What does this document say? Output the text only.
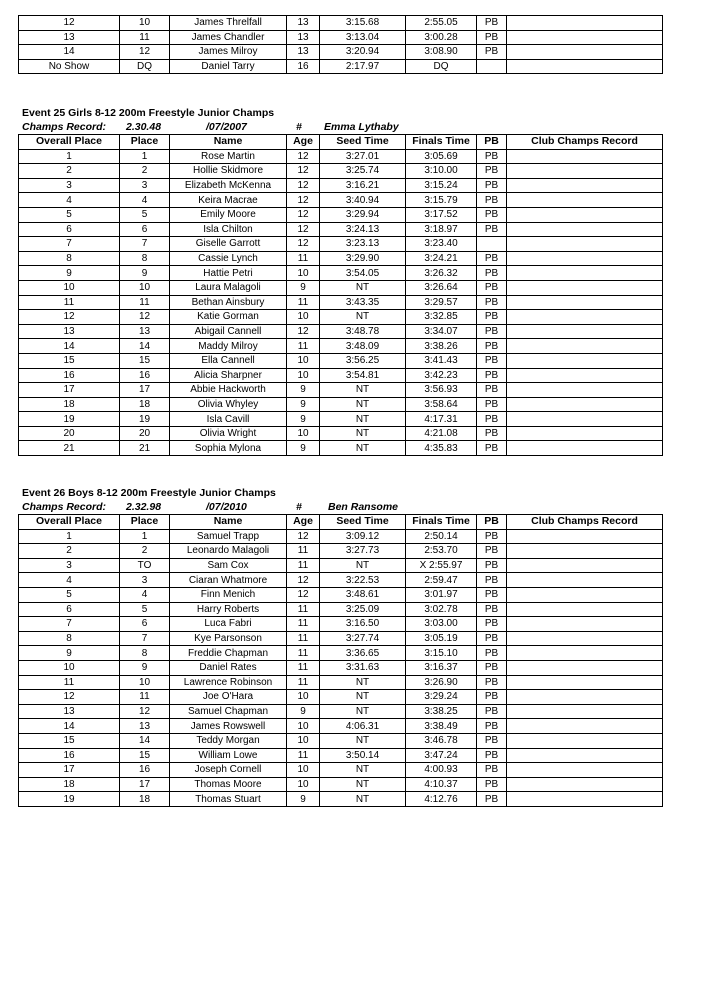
12	10	James Threlfall	13	3:15.68	2:55.05	PB	
13	11	James Chandler	13	3:13.04	3:00.28	PB	
14	12	James Milroy	13	3:20.94	3:08.90	PB	
No Show	DQ	Daniel Tarry	16	2:17.97	DQ		
Event 25 Girls 8-12 200m Freestyle Junior Champs
Champs Record: 2.30.48	/07/2007	# Emma Lythaby
Overall Place	Place	Name	Age	Seed Time	Finals Time	PB	Club Champs Record
1	1	Rose Martin	12	3:27.01	3:05.69	PB	
2	2	Hollie Skidmore	12	3:25.74	3:10.00	PB	
3	3	Elizabeth McKenna	12	3:16.21	3:15.24	PB	
4	4	Keira Macrae	12	3:40.94	3:15.79	PB	
5	5	Emily Moore	12	3:29.94	3:17.52	PB	
6	6	Isla Chilton	12	3:24.13	3:18.97	PB	
7	7	Giselle Garrott	12	3:23.13	3:23.40		
8	8	Cassie Lynch	11	3:29.90	3:24.21	PB	
9	9	Hattie Petri	10	3:54.05	3:26.32	PB	
10	10	Laura Malagoli	9	NT	3:26.64	PB	
11	11	Bethan Ainsbury	11	3:43.35	3:29.57	PB	
12	12	Katie Gorman	10	NT	3:32.85	PB	
13	13	Abigail Cannell	12	3:48.78	3:34.07	PB	
14	14	Maddy Milroy	11	3:48.09	3:38.26	PB	
15	15	Ella Cannell	10	3:56.25	3:41.43	PB	
16	16	Alicia Sharpner	10	3:54.81	3:42.23	PB	
17	17	Abbie Hackworth	9	NT	3:56.93	PB	
18	18	Olivia Whyley	9	NT	3:58.64	PB	
19	19	Isla Cavill	9	NT	4:17.31	PB	
20	20	Olivia Wright	10	NT	4:21.08	PB	
21	21	Sophia Mylona	9	NT	4:35.83	PB	
Event 26 Boys 8-12 200m Freestyle Junior Champs
Champs Record: 2.32.98	/07/2010	# Ben Ransome
Overall Place	Place	Name	Age	Seed Time	Finals Time	PB	Club Champs Record
1	1	Samuel Trapp	12	3:09.12	2:50.14	PB	
2	2	Leonardo Malagoli	11	3:27.73	2:53.70	PB	
3	TO	Sam Cox	11	NT	X 2:55.97	PB	
4	3	Ciaran Whatmore	12	3:22.53	2:59.47	PB	
5	4	Finn Menich	12	3:48.61	3:01.97	PB	
6	5	Harry Roberts	11	3:25.09	3:02.78	PB	
7	6	Luca Fabri	11	3:16.50	3:03.00	PB	
8	7	Kye Parsonson	11	3:27.74	3:05.19	PB	
9	8	Freddie Chapman	11	3:36.65	3:15.10	PB	
10	9	Daniel Rates	11	3:31.63	3:16.37	PB	
11	10	Lawrence Robinson	11	NT	3:26.90	PB	
12	11	Joe O'Hara	10	NT	3:29.24	PB	
13	12	Samuel Chapman	9	NT	3:38.25	PB	
14	13	James Rowswell	10	4:06.31	3:38.49	PB	
15	14	Teddy Morgan	10	NT	3:46.78	PB	
16	15	William Lowe	11	3:50.14	3:47.24	PB	
17	16	Joseph Cornell	10	NT	4:00.93	PB	
18	17	Thomas Moore	10	NT	4:10.37	PB	
19	18	Thomas Stuart	9	NT	4:12.76	PB	
